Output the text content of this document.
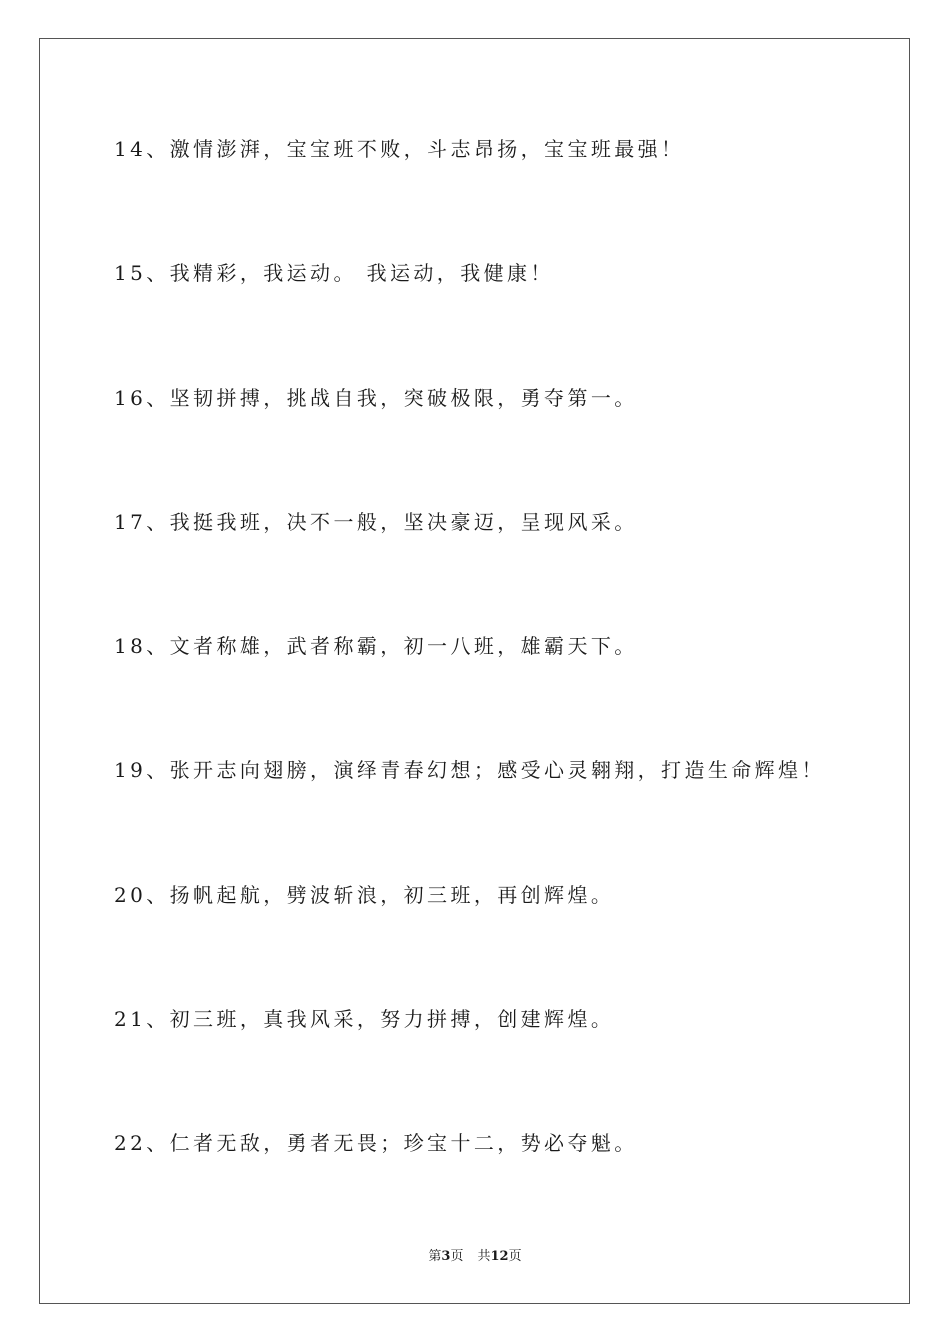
14、激情澎湃，宝宝班不败，斗志昂扬，宝宝班最强！
15、我精彩，我运动。 我运动，我健康！
16、坚韧拼搏，挑战自我，突破极限，勇夺第一。
17、我挺我班，决不一般，坚决豪迈，呈现风采。
18、文者称雄，武者称霸，初一八班，雄霸天下。
19、张开志向翅膀，演绎青春幻想；感受心灵翱翔，打造生命辉煌！
20、扬帆起航，劈波斩浪，初三班，再创辉煌。
21、初三班，真我风采，努力拼搏，创建辉煌。
22、仁者无敌，勇者无畏；珍宝十二，势必夺魁。
第3页 共12页
